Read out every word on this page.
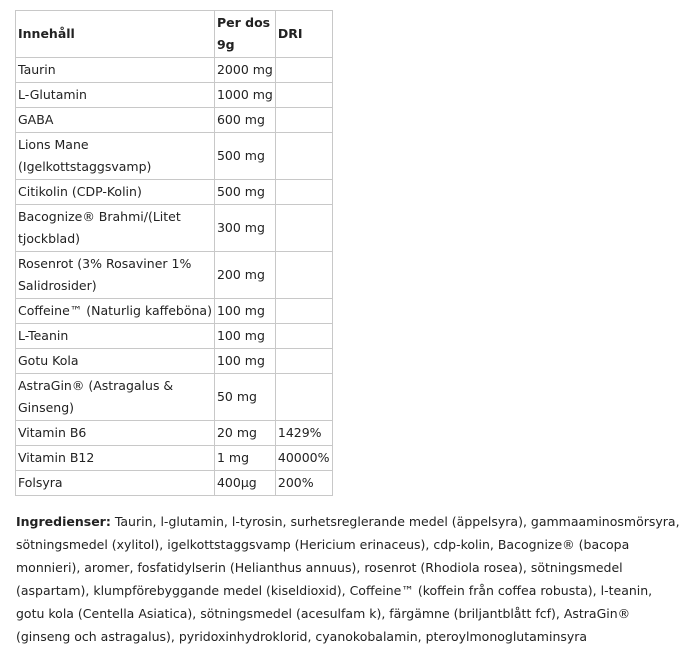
Innehåll	Per dos 9g	DRI
Taurin	2000 mg	
L-Glutamin	1000 mg	
GABA	600 mg	
Lions Mane (Igelkottstaggsvamp)	500 mg	
Citikolin (CDP-Kolin)	500 mg	
Bacognize® Brahmi/(Litet tjockblad)	300 mg	
Rosenrot (3% Rosaviner 1% Salidrosider)	200 mg	
Coffeine™ (Naturlig kaffeböna)	100 mg	
L-Teanin	100 mg	
Gotu Kola	100 mg	
AstraGin® (Astragalus & Ginseng)	50 mg	
Vitamin B6	20 mg	1429%
Vitamin B12	1 mg	40000%
Folsyra	400µg	200%

Ingredienser: Taurin, l-glutamin, l-tyrosin, surhetsreglerande medel (äppelsyra), gammaaminosmörsyra, sötningsmedel (xylitol), igelkottstaggsvamp (Hericium erinaceus), cdp-kolin, Bacognize® (bacopa monnieri), aromer, fosfatidylserin (Helianthus annuus), rosenrot (Rhodiola rosea), sötningsmedel (aspartam), klumpförebyggande medel (kiseldioxid), Coffeine™ (koffein från coffea robusta), l-teanin, gotu kola (Centella Asiatica), sötningsmedel (acesulfam k), färgämne (briljantblått fcf), AstraGin® (ginseng och astragalus), pyridoxinhydroklorid, cyanokobalamin, pteroylmonoglutaminsyra
